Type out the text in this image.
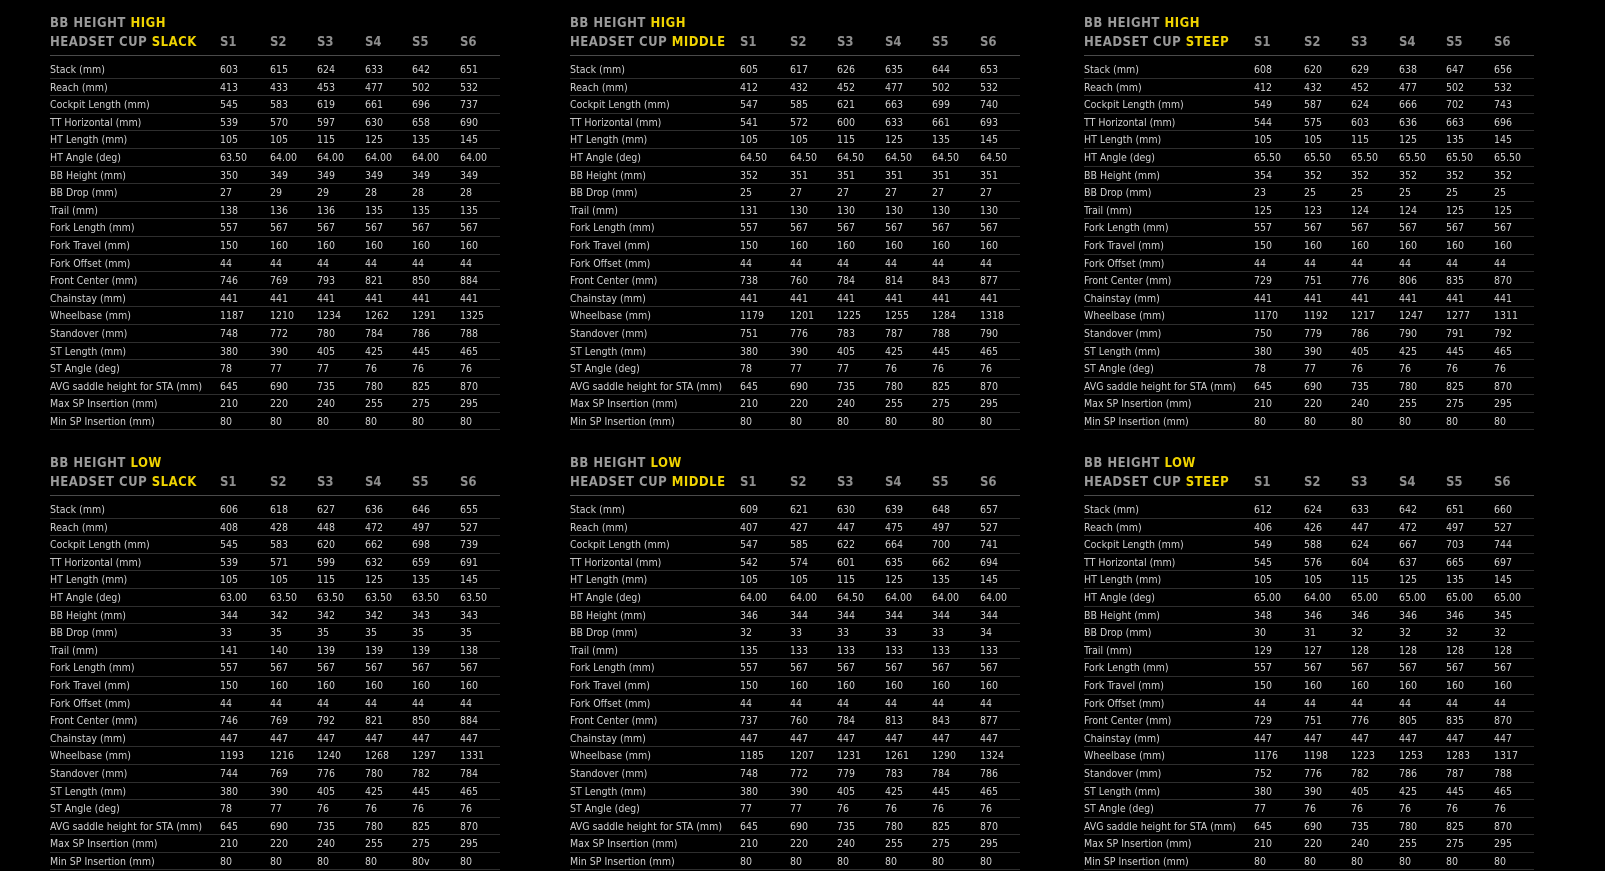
BB HEIGHT HIGH
HEADSET CUP SLACK S1	S2	S3	S4	S5	S6
Stack (mm)	603	615	624	633	642	651
Reach (mm)	413	433	453	477	502	532
Cockpit Length (mm)	545	583	619	661	696	737
TT Horizontal (mm)	539	570	597	630	658	690
HT Length (mm)	105	105	115	125	135	145
HT Angle (deg)	63.50 64.00 64.00 64.00 64.00 64.00
BB Height (mm)	350	349	349	349	349	349
BB Drop (mm)	27	29	29	28	28	28
Trail (mm)	138	136	136	135	135	135
Fork Length (mm)	557	567	567	567	567	567
Fork Travel (mm)	150	160	160	160	160	160
Fork Offset (mm)	44	44	44	44	44	44
Front Center (mm)	746	769	793	821	850	884
Chainstay (mm)	441	441	441	441	441	441
Wheelbase (mm)	1187 1210 1234 1262 1291 1325
Standover (mm)	748	772	780	784	786	788
ST Length (mm)	380	390	405	425	445	465
ST Angle (deg)	78	77	77	76	76	76
AVG saddle height for STA (mm) 645	690	735	780	825	870
Max SP Insertion (mm)	210	220	240	255	275	295
Min SP Insertion (mm)	80	80	80	80	80	80
BB HEIGHT HIGH
HEADSET CUP MIDDLE S1	S2	S3	S4	S5	S6
Stack (mm)	605	617	626	635	644	653
Reach (mm)	412	432	452	477	502	532
Cockpit Length (mm)	547	585	621	663	699	740
TT Horizontal (mm)	541	572	600	633	661	693
HT Length (mm)	105	105	115	125	135	145
HT Angle (deg)	64.50 64.50 64.50 64.50 64.50 64.50
BB Height (mm)	352	351	351	351	351	351
BB Drop (mm)	25	27	27	27	27	27
Trail (mm)	131	130	130	130	130	130
Fork Length (mm)	557	567	567	567	567	567
Fork Travel (mm)	150	160	160	160	160	160
Fork Offset (mm)	44	44	44	44	44	44
Front Center (mm)	738	760	784	814	843	877
Chainstay (mm)	441	441	441	441	441	441
Wheelbase (mm)	1179 1201 1225 1255 1284 1318
Standover (mm)	751	776	783	787	788	790
ST Length (mm)	380	390	405	425	445	465
ST Angle (deg)	78	77	77	76	76	76
AVG saddle height for STA (mm) 645	690	735	780	825	870
Max SP Insertion (mm)	210	220	240	255	275	295
Min SP Insertion (mm)	80	80	80	80	80	80
BB HEIGHT HIGH
HEADSET CUP STEEP S1	S2	S3	S4	S5	S6
Stack (mm)	608	620	629	638	647	656
Reach (mm)	412	432	452	477	502	532
Cockpit Length (mm)	549	587	624	666	702	743
TT Horizontal (mm)	544	575	603	636	663	696
HT Length (mm)	105	105	115	125	135	145
HT Angle (deg)	65.50 65.50 65.50 65.50 65.50 65.50
BB Height (mm)	354	352	352	352	352	352
BB Drop (mm)	23	25	25	25	25	25
Trail (mm)	125	123	124	124	125	125
Fork Length (mm)	557	567	567	567	567	567
Fork Travel (mm)	150	160	160	160	160	160
Fork Offset (mm)	44	44	44	44	44	44
Front Center (mm)	729	751	776	806	835	870
Chainstay (mm)	441	441	441	441	441	441
Wheelbase (mm)	1170 1192 1217 1247 1277 1311
Standover (mm)	750	779	786	790	791	792
ST Length (mm)	380	390	405	425	445	465
ST Angle (deg)	78	77	76	76	76	76
AVG saddle height for STA (mm) 645	690	735	780	825	870
Max SP Insertion (mm)	210	220	240	255	275	295
Min SP Insertion (mm)	80	80	80	80	80	80
BB HEIGHT LOW
HEADSET CUP SLACK S1	S2	S3	S4	S5	S6
Stack (mm)	606	618	627	636	646	655
Reach (mm)	408	428	448	472	497	527
Cockpit Length (mm)	545	583	620	662	698	739
TT Horizontal (mm)	539	571	599	632	659	691
HT Length (mm)	105	105	115	125	135	145
HT Angle (deg)	63.00 63.50 63.50 63.50 63.50 63.50
BB Height (mm)	344	342	342	342	343	343
BB Drop (mm)	33	35	35	35	35	35
Trail (mm)	141	140	139	139	139	138
Fork Length (mm)	557	567	567	567	567	567
Fork Travel (mm)	150	160	160	160	160	160
Fork Offset (mm)	44	44	44	44	44	44
Front Center (mm)	746	769	792	821	850	884
Chainstay (mm)	447	447	447	447	447	447
Wheelbase (mm)	1193 1216 1240 1268 1297 1331
Standover (mm)	744	769	776	780	782	784
ST Length (mm)	380	390	405	425	445	465
ST Angle (deg)	78	77	76	76	76	76
AVG saddle height for STA (mm) 645	690	735	780	825	870
Max SP Insertion (mm)	210	220	240	255	275	295
Min SP Insertion (mm)	80	80	80	80	80v	80
BB HEIGHT LOW
HEADSET CUP MIDDLE S1	S2	S3	S4	S5	S6
Stack (mm)	609	621	630	639	648	657
Reach (mm)	407	427	447	475	497	527
Cockpit Length (mm)	547	585	622	664	700	741
TT Horizontal (mm)	542	574	601	635	662	694
HT Length (mm)	105	105	115	125	135	145
HT Angle (deg)	64.00 64.00 64.50 64.00 64.00 64.00
BB Height (mm)	346	344	344	344	344	344
BB Drop (mm)	32	33	33	33	33	34
Trail (mm)	135	133	133	133	133	133
Fork Length (mm)	557	567	567	567	567	567
Fork Travel (mm)	150	160	160	160	160	160
Fork Offset (mm)	44	44	44	44	44	44
Front Center (mm)	737	760	784	813	843	877
Chainstay (mm)	447	447	447	447	447	447
Wheelbase (mm)	1185 1207 1231 1261 1290 1324
Standover (mm)	748	772	779	783	784	786
ST Length (mm)	380	390	405	425	445	465
ST Angle (deg)	77	77	76	76	76	76
AVG saddle height for STA (mm) 645	690	735	780	825	870
Max SP Insertion (mm)	210	220	240	255	275	295
Min SP Insertion (mm)	80	80	80	80	80	80
BB HEIGHT LOW
HEADSET CUP STEEP S1	S2	S3	S4	S5	S6
Stack (mm)	612	624	633	642	651	660
Reach (mm)	406	426	447	472	497	527
Cockpit Length (mm)	549	588	624	667	703	744
TT Horizontal (mm)	545	576	604	637	665	697
HT Length (mm)	105	105	115	125	135	145
HT Angle (deg)	65.00 64.00 65.00 65.00 65.00 65.00
BB Height (mm)	348	346	346	346	346	345
BB Drop (mm)	30	31	32	32	32	32
Trail (mm)	129	127	128	128	128	128
Fork Length (mm)	557	567	567	567	567	567
Fork Travel (mm)	150	160	160	160	160	160
Fork Offset (mm)	44	44	44	44	44	44
Front Center (mm)	729	751	776	805	835	870
Chainstay (mm)	447	447	447	447	447	447
Wheelbase (mm)	1176 1198 1223 1253 1283 1317
Standover (mm)	752	776	782	786	787	788
ST Length (mm)	380	390	405	425	445	465
ST Angle (deg)	77	76	76	76	76	76
AVG saddle height for STA (mm) 645	690	735	780	825	870
Max SP Insertion (mm)	210	220	240	255	275	295
Min SP Insertion (mm)	80	80	80	80	80	80
